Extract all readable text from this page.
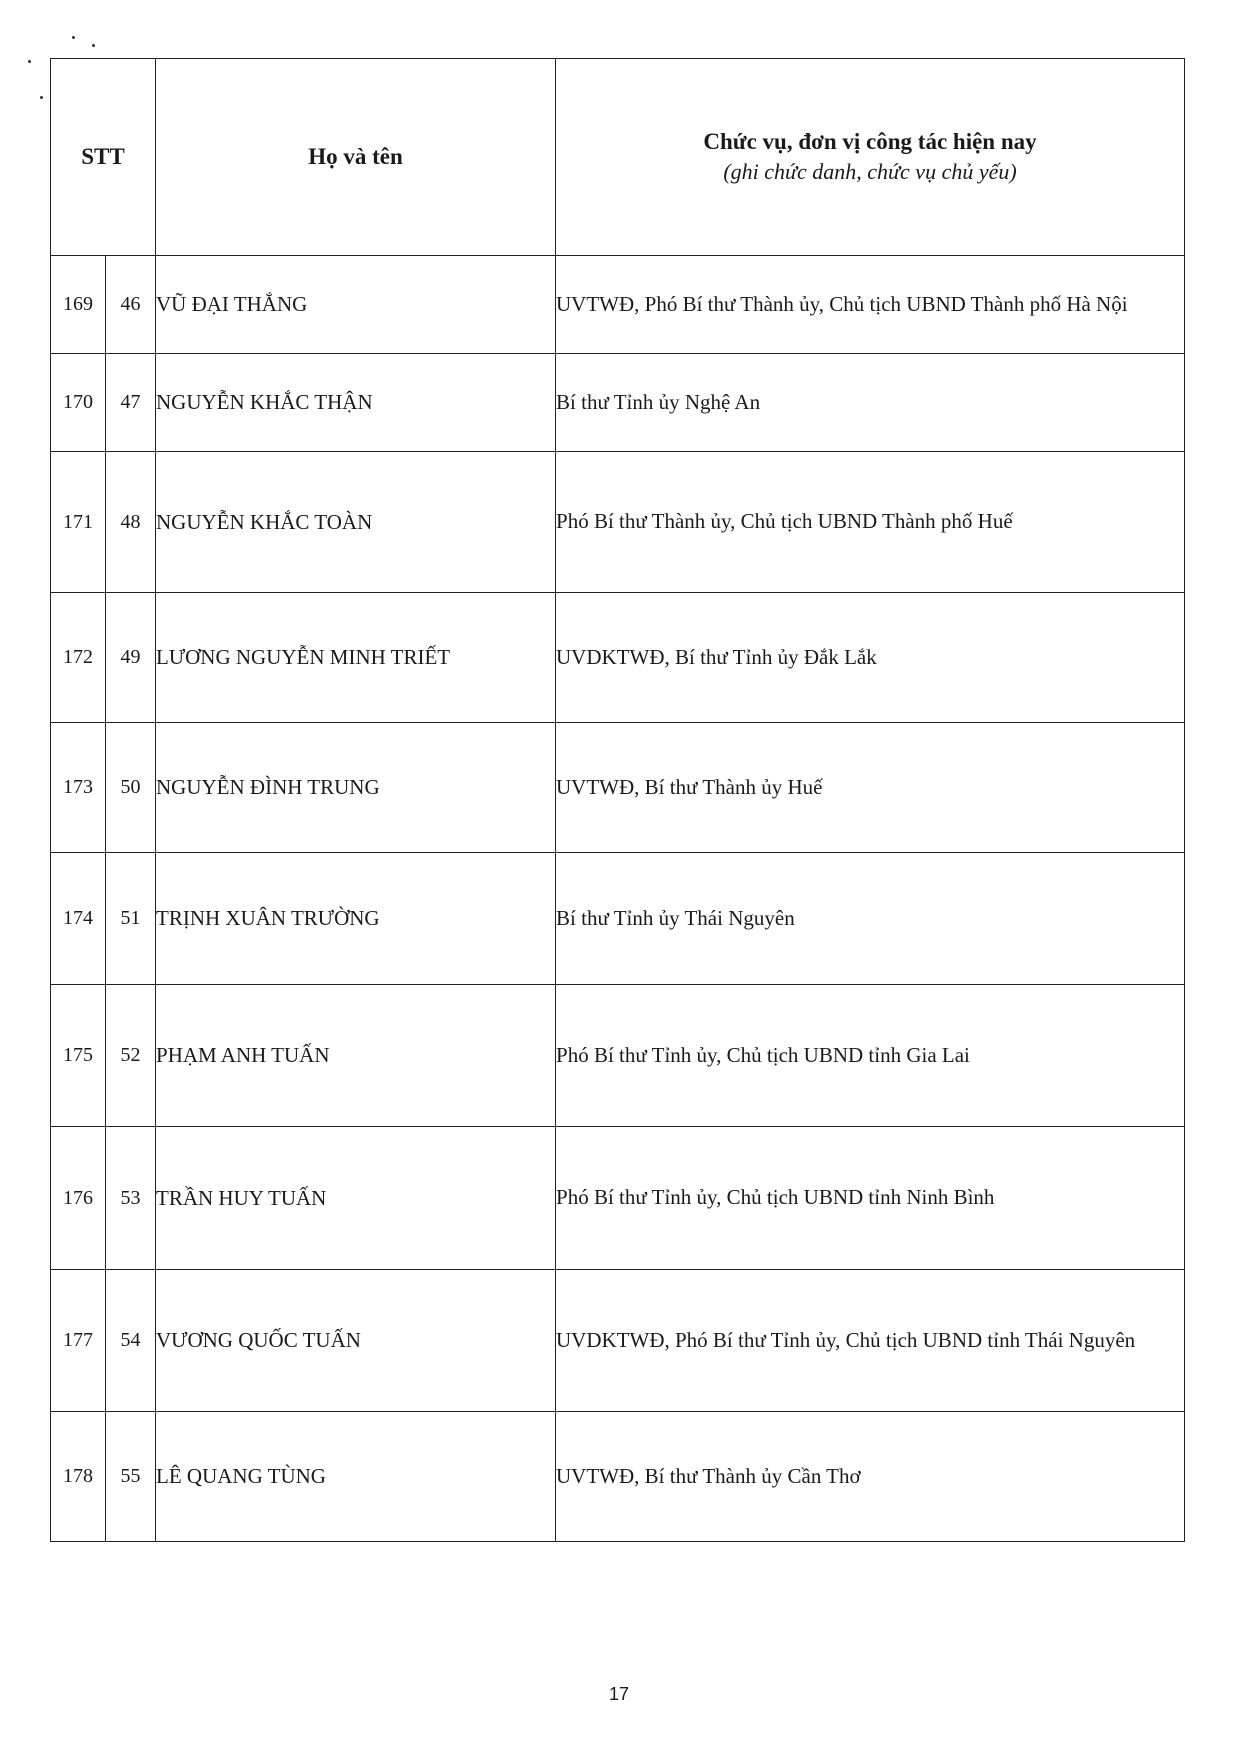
STT		Họ và tên	Chức vụ, đơn vị công tác hiện nay
(ghi chức danh, chức vụ chủ yếu)

169	46	VŨ ĐẠI THẮNG	UVTWĐ, Phó Bí thư Thành ủy, Chủ tịch UBND Thành phố Hà Nội
170	47	NGUYỄN KHẮC THẬN	Bí thư Tỉnh ủy Nghệ An
171	48	NGUYỄN KHẮC TOÀN	Phó Bí thư Thành ủy, Chủ tịch UBND Thành phố Huế
172	49	LƯƠNG NGUYỄN MINH TRIẾT	UVDKTWĐ, Bí thư Tỉnh ủy Đắk Lắk
173	50	NGUYỄN ĐÌNH TRUNG	UVTWĐ, Bí thư Thành ủy Huế
174	51	TRỊNH XUÂN TRƯỜNG	Bí thư Tỉnh ủy Thái Nguyên
175	52	PHẠM ANH TUẤN	Phó Bí thư Tỉnh ủy, Chủ tịch UBND tỉnh Gia Lai
176	53	TRẦN HUY TUẤN	Phó Bí thư Tỉnh ủy, Chủ tịch UBND tỉnh Ninh Bình
177	54	VƯƠNG QUỐC TUẤN	UVDKTWĐ, Phó Bí thư Tỉnh ủy, Chủ tịch UBND tỉnh Thái Nguyên
178	55	LÊ QUANG TÙNG	UVTWĐ, Bí thư Thành ủy Cần Thơ
17
